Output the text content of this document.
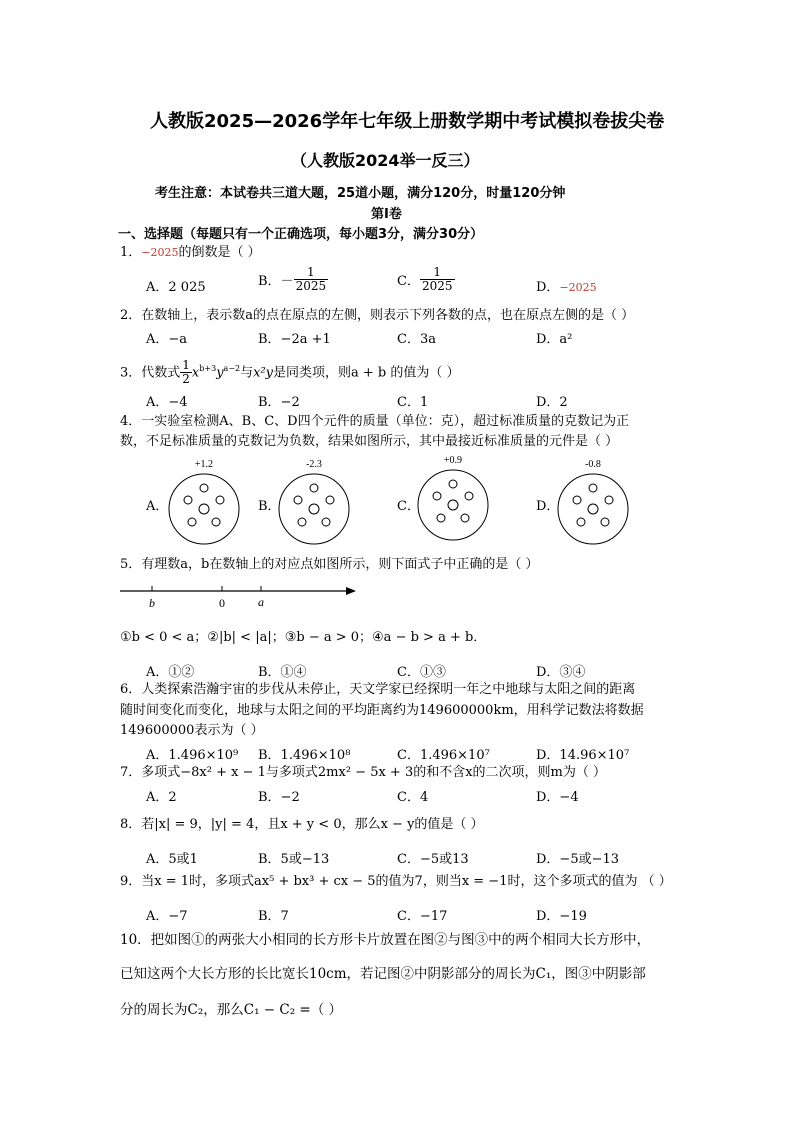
人教版2025—2026学年七年级上册数学期中考试模拟卷拔尖卷
（人教版2024举一反三）
考生注意：本试卷共三道大题，25道小题，满分120分，时量120分钟
第Ⅰ卷
一、选择题（每题只有一个正确选项，每小题3分，满分30分）
1．−2025的倒数是（ ）
A．2 025	B．－ $\frac{1}{2025}$	C． $\frac{1}{2025}$	D．−2025
2．在数轴上，表示数a的点在原点的左侧，则表示下列各数的点，也在原点左侧的是（ ）
A．−a	B．−2a +1	C．3a	D．a²
3．代数式 $\frac{1}{2} x^{b+3}y^{a-2}$与x²y是同类项，则a + b 的值为（ ）
A．−4	B．−2	C．1	D．2
4．一实验室检测A、B、C、D四个元件的质量（单位：克），超过标准质量的克数记为正
数，不足标准质量的克数记为负数，结果如图所示，其中最接近标准质量的元件是（ ）
A．	B．	C．	D．
+1.2	-2.3	+0.9	-0.8
5．有理数a，b在数轴上的对应点如图所示，则下面式子中正确的是（ ）
b	0	a
①b < 0 < a；②|b| < |a|；③b − a > 0；④a − b > a + b．
A．①②	B．①④	C．①③	D．③④
6．人类探索浩瀚宇宙的步伐从未停止，天文学家已经探明一年之中地球与太阳之间的距离
随时间变化而变化，地球与太阳之间的平均距离约为149600000km，用科学记数法将数据
149600000表示为（ ）
A．1.496×10⁹ B．1.496×10⁸	C．1.496×10⁷	D．14.96×10⁷
7．多项式−8x² + x − 1与多项式2mx² − 5x + 3的和不含x的二次项，则m为（ ）
A．2	B．−2	C．4	D．−4
8．若|x| = 9，|y| = 4，且x + y < 0，那么x − y的值是（ ）
A．5或1	B．5或−13	C．−5或13	D．−5或−13
9．当x = 1时，多项式ax⁵ + bx³ + cx − 5的值为7，则当x = −1时，这个多项式的值为 （ ）
A．−7	B．7	C．−17	D．−19
10．把如图①的两张大小相同的长方形卡片放置在图②与图③中的两个相同大长方形中，
已知这两个大长方形的长比宽长10cm，若记图②中阴影部分的周长为C₁，图③中阴影部
分的周长为C₂，那么C₁ − C₂ =（ ）
